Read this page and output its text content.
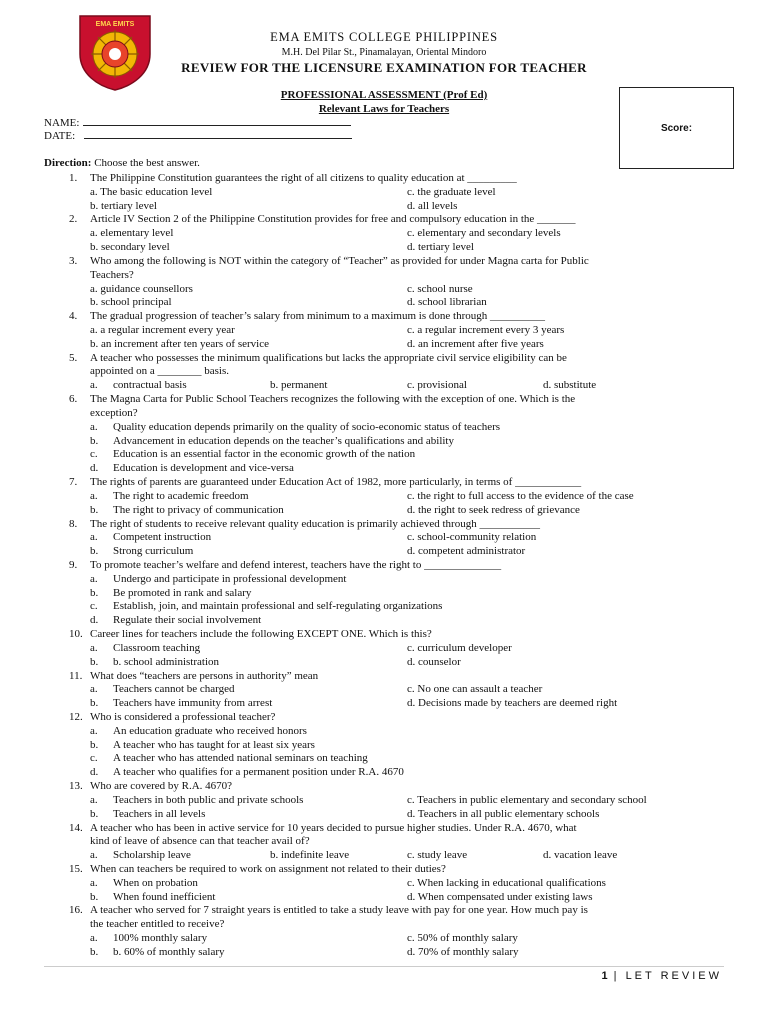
EMA EMITS
EMA EMITS COLLEGE PHILIPPINES
M.H. Del Pilar St., Pinamalayan, Oriental Mindoro
REVIEW FOR THE LICENSURE EXAMINATION FOR TEACHER
PROFESSIONAL ASSESSMENT (Prof Ed)
Relevant Laws for Teachers
Score:
NAME:
DATE:
Direction: Choose the best answer.
1. The Philippine Constitution guarantees the right of all citizens to quality education at _________
a. The basic education level	c. the graduate level
b. tertiary level	d. all levels
2. Article IV Section 2 of the Philippine Constitution provides for free and compulsory education in the _______
a. elementary level	c. elementary and secondary levels
b. secondary level	d. tertiary level
3. Who among the following is NOT within the category of “Teacher” as provided for under Magna carta for Public
Teachers?
a. guidance counsellors	c. school nurse
b. school principal	d. school librarian
4. The gradual progression of teacher’s salary from minimum to a maximum is done through __________
a. a regular increment every year	c. a regular increment every 3 years
b. an increment after ten years of service	d. an increment after five years
5. A teacher who possesses the minimum qualifications but lacks the appropriate civil service eligibility can be
appointed on a ________ basis.
a. contractual basis	b. permanent	c. provisional	d. substitute
6. The Magna Carta for Public School Teachers recognizes the following with the exception of one. Which is the
exception?
a. Quality education depends primarily on the quality of socio-economic status of teachers
b. Advancement in education depends on the teacher’s qualifications and ability
c. Education is an essential factor in the economic growth of the nation
d. Education is development and vice-versa
7. The rights of parents are guaranteed under Education Act of 1982, more particularly, in terms of ____________
a. The right to academic freedom	c. the right to full access to the evidence of the case
b. The right to privacy of communication	d. the right to seek redress of grievance
8. The right of students to receive relevant quality education is primarily achieved through ___________
a. Competent instruction	c. school-community relation
b. Strong curriculum	d. competent administrator
9. To promote teacher’s welfare and defend interest, teachers have the right to ______________
a. Undergo and participate in professional development
b. Be promoted in rank and salary
c. Establish, join, and maintain professional and self-regulating organizations
d. Regulate their social involvement
10. Career lines for teachers include the following EXCEPT ONE. Which is this?
a. Classroom teaching	c. curriculum developer
b. b. school administration	d. counselor
11. What does “teachers are persons in authority” mean
a. Teachers cannot be charged	c. No one can assault a teacher
b. Teachers have immunity from arrest	d. Decisions made by teachers are deemed right
12. Who is considered a professional teacher?
a. An education graduate who received honors
b. A teacher who has taught for at least six years
c. A teacher who has attended national seminars on teaching
d. A teacher who qualifies for a permanent position under R.A. 4670
13. Who are covered by R.A. 4670?
a. Teachers in both public and private schools	c. Teachers in public elementary and secondary school
b. Teachers in all levels	d. Teachers in all public elementary schools
14. A teacher who has been in active service for 10 years decided to pursue higher studies. Under R.A. 4670, what
kind of leave of absence can that teacher avail of?
a. Scholarship leave	b. indefinite leave	c. study leave	d. vacation leave
15. When can teachers be required to work on assignment not related to their duties?
a. When on probation	c. When lacking in educational qualifications
b. When found inefficient	d. When compensated under existing laws
16. A teacher who served for 7 straight years is entitled to take a study leave with pay for one year. How much pay is
the teacher entitled to receive?
a. 100% monthly salary	c. 50% of monthly salary
b. b. 60% of monthly salary	d. 70% of monthly salary
1 | LET REVIEW
